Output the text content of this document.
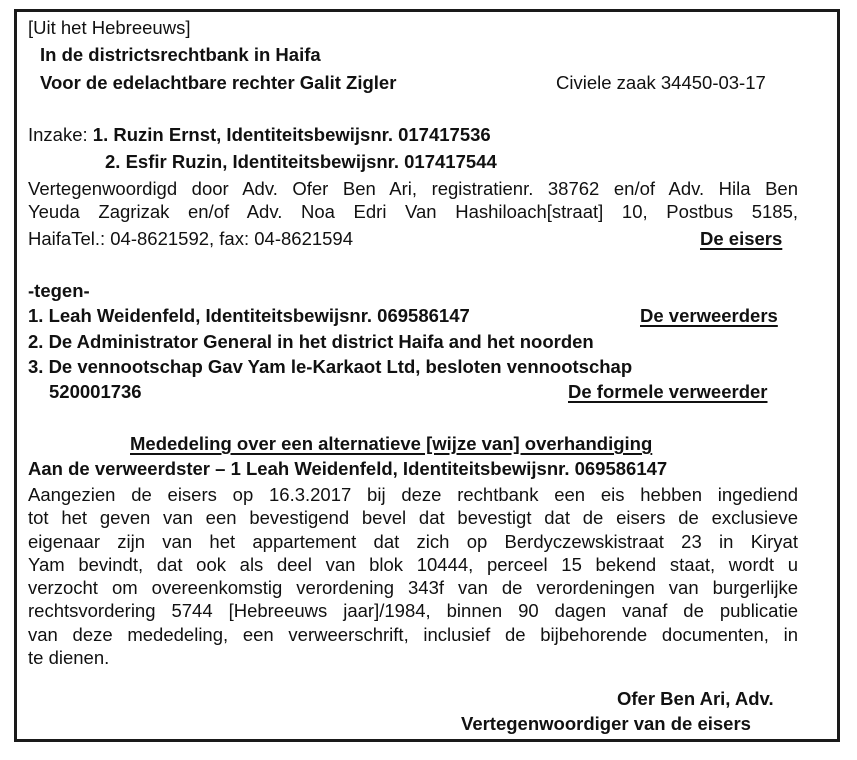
[Uit het Hebreeuws]
In de districtsrechtbank in Haifa
Voor de edelachtbare rechter Galit Zigler	Civiele zaak 34450-03-17
Inzake: 1. Ruzin Ernst, Identiteitsbewijsnr. 017417536
2. Esfir Ruzin, Identiteitsbewijsnr. 017417544
Vertegenwoordigd door Adv. Ofer Ben Ari, registratienr. 38762 en/of Adv. Hila Ben
Yeuda Zagrizak en/of Adv. Noa Edri Van Hashiloach[straat] 10, Postbus 5185,
HaifaTel.: 04-8621592, fax: 04-8621594	De eisers
-tegen-
1. Leah Weidenfeld, Identiteitsbewijsnr. 069586147	De verweerders
2. De Administrator General in het district Haifa and het noorden
3. De vennootschap Gav Yam le-Karkaot Ltd, besloten vennootschap
520001736	De formele verweerder
Mededeling over een alternatieve [wijze van] overhandiging
Aan de verweerdster – 1 Leah Weidenfeld, Identiteitsbewijsnr. 069586147
Aangezien de eisers op 16.3.2017 bij deze rechtbank een eis hebben ingediend
tot het geven van een bevestigend bevel dat bevestigt dat de eisers de exclusieve
eigenaar zijn van het appartement dat zich op Berdyczewskistraat 23 in Kiryat
Yam bevindt, dat ook als deel van blok 10444, perceel 15 bekend staat, wordt u
verzocht om overeenkomstig verordening 343f van de verordeningen van burgerlijke
rechtsvordering 5744 [Hebreeuws jaar]/1984, binnen 90 dagen vanaf de publicatie
van deze mededeling, een verweerschrift, inclusief de bijbehorende documenten, in
te dienen.
Ofer Ben Ari, Adv.
Vertegenwoordiger van de eisers
